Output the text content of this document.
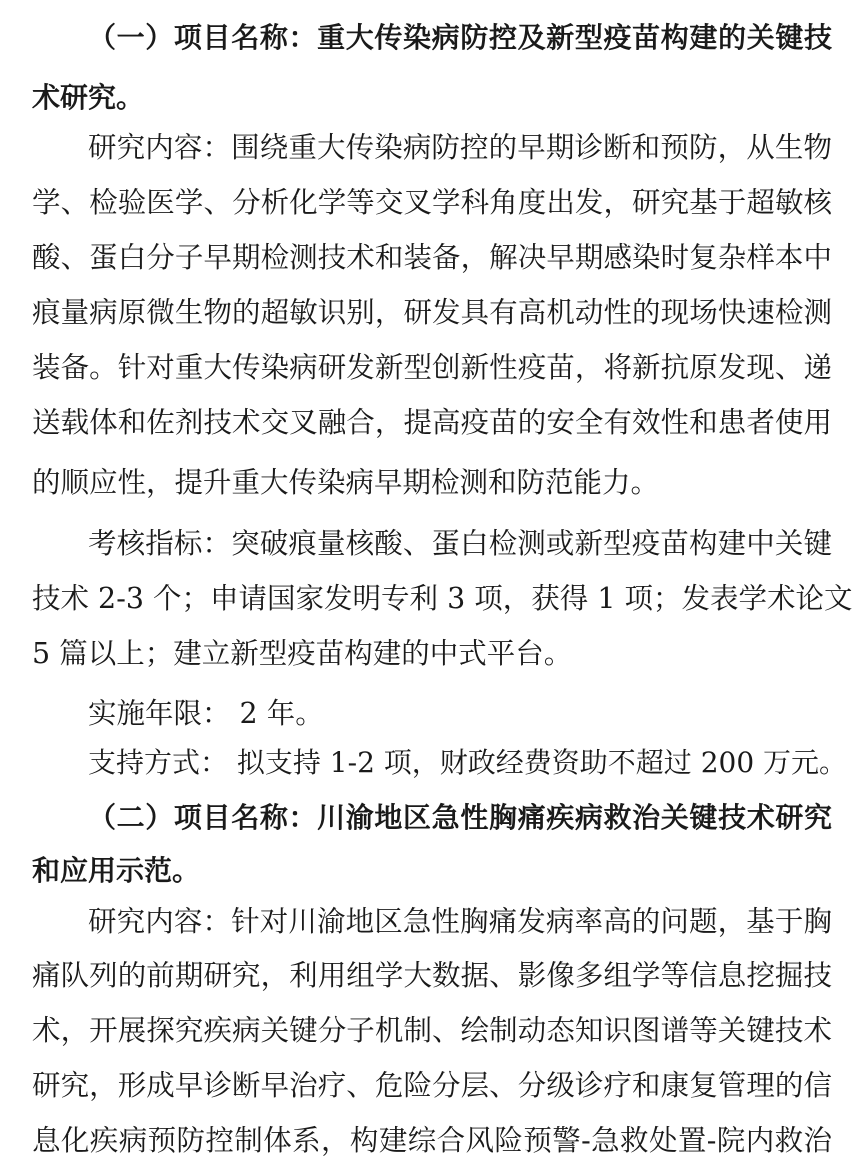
（一）项目名称：重大传染病防控及新型疫苗构建的关键技
术研究。
研究内容：围绕重大传染病防控的早期诊断和预防，从生物
学、检验医学、分析化学等交叉学科角度出发，研究基于超敏核
酸、蛋白分子早期检测技术和装备，解决早期感染时复杂样本中
痕量病原微生物的超敏识别，研发具有高机动性的现场快速检测
装备。针对重大传染病研发新型创新性疫苗，将新抗原发现、递
送载体和佐剂技术交叉融合，提高疫苗的安全有效性和患者使用
的顺应性，提升重大传染病早期检测和防范能力。
考核指标：突破痕量核酸、蛋白检测或新型疫苗构建中关键
技术 2-3 个；申请国家发明专利 3 项，获得 1 项；发表学术论文
5 篇以上；建立新型疫苗构建的中式平台。
实施年限： 2 年。
支持方式： 拟支持 1-2 项，财政经费资助不超过 200 万元。
（二）项目名称：川渝地区急性胸痛疾病救治关键技术研究
和应用示范。
研究内容：针对川渝地区急性胸痛发病率高的问题，基于胸
痛队列的前期研究，利用组学大数据、影像多组学等信息挖掘技
术，开展探究疾病关键分子机制、绘制动态知识图谱等关键技术
研究，形成早诊断早治疗、危险分层、分级诊疗和康复管理的信
息化疾病预防控制体系，构建综合风险预警-急救处置-院内救治
